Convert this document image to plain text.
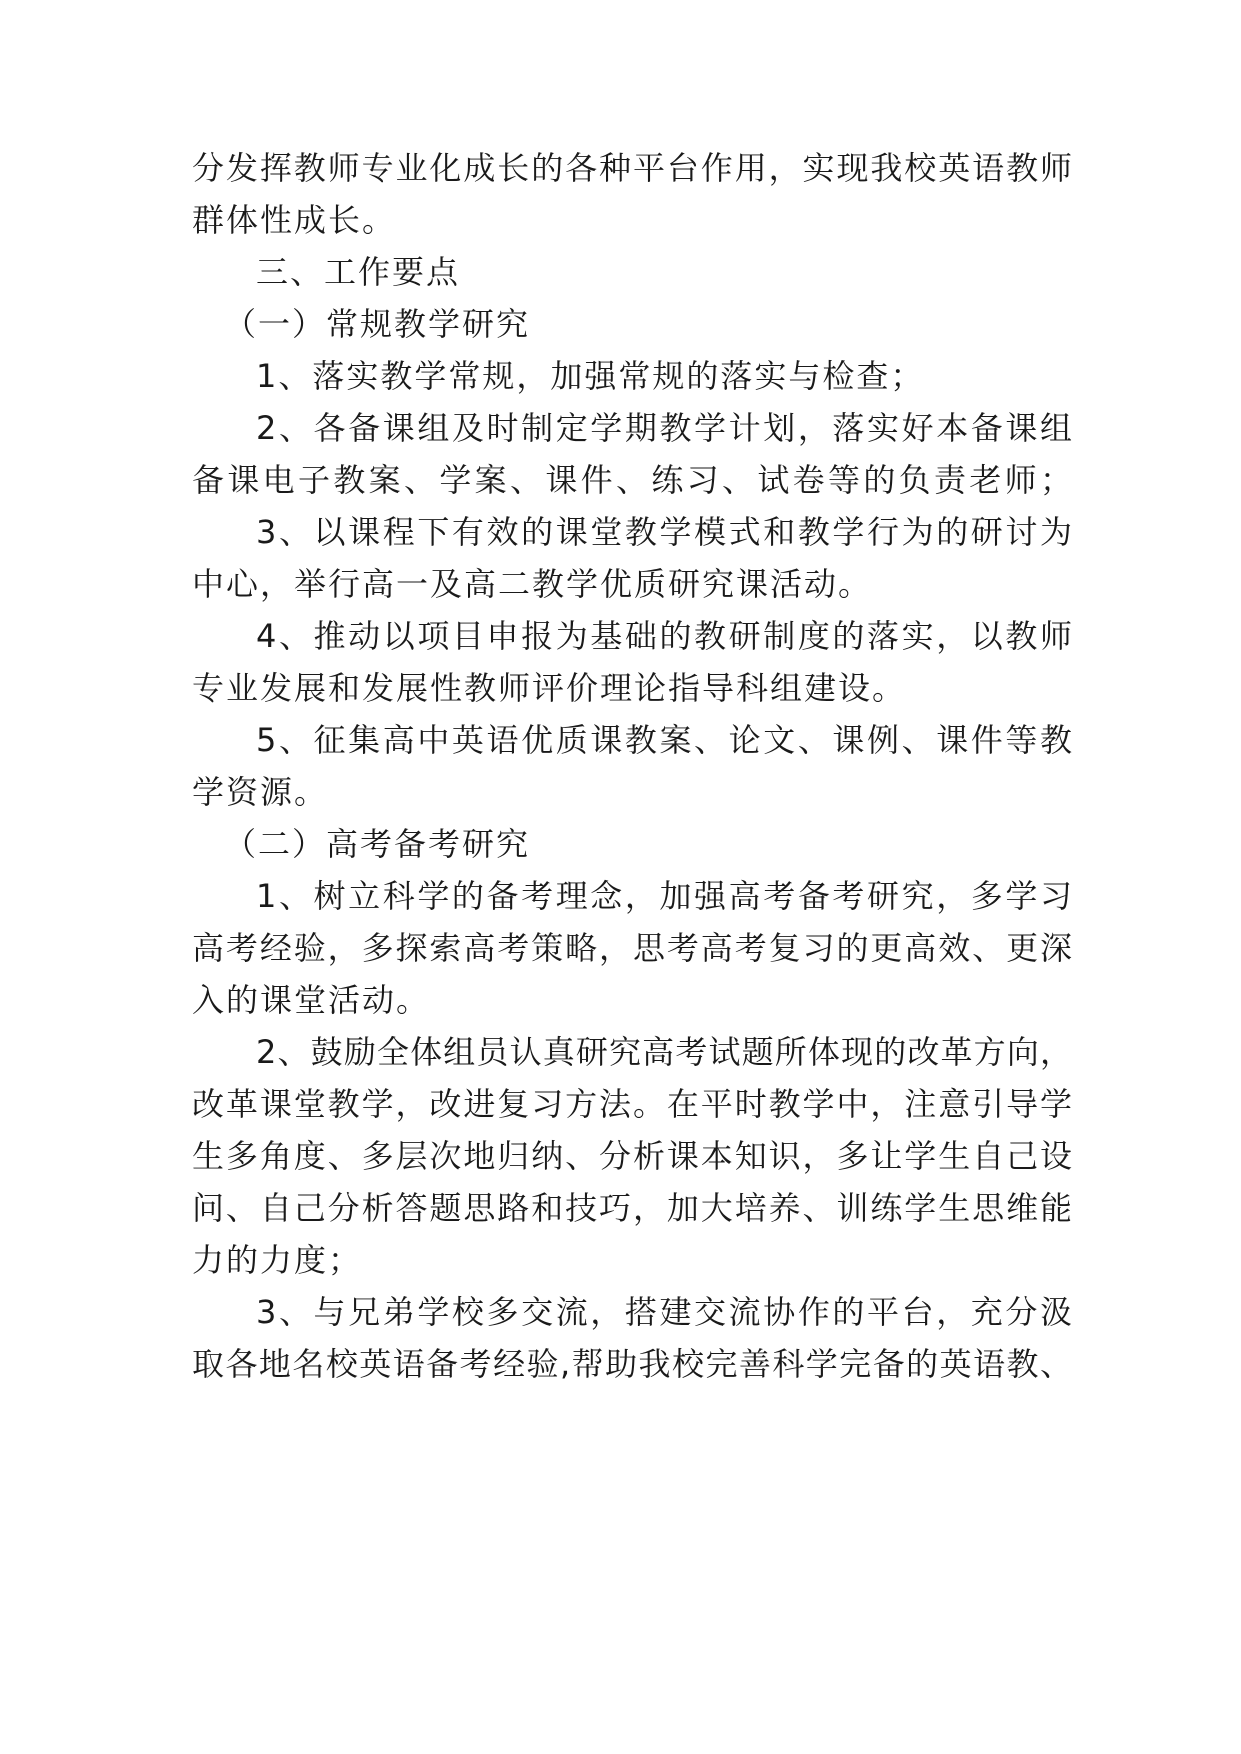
分发挥教师专业化成长的各种平台作用，实现我校英语教师
群体性成长。
三、工作要点
（一）常规教学研究
1、落实教学常规，加强常规的落实与检查；
2、各备课组及时制定学期教学计划，落实好本备课组
备课电子教案、学案、课件、练习、试卷等的负责老师；
3、以课程下有效的课堂教学模式和教学行为的研讨为
中心，举行高一及高二教学优质研究课活动。
4、推动以项目申报为基础的教研制度的落实，以教师
专业发展和发展性教师评价理论指导科组建设。
5、征集高中英语优质课教案、论文、课例、课件等教
学资源。
（二）高考备考研究
1、树立科学的备考理念，加强高考备考研究，多学习
高考经验，多探索高考策略，思考高考复习的更高效、更深
入的课堂活动。
2、鼓励全体组员认真研究高考试题所体现的改革方向，
改革课堂教学，改进复习方法。在平时教学中，注意引导学
生多角度、多层次地归纳、分析课本知识，多让学生自己设
问、自己分析答题思路和技巧，加大培养、训练学生思维能
力的力度；
3、与兄弟学校多交流，搭建交流协作的平台，充分汲
取各地名校英语备考经验,帮助我校完善科学完备的英语教、
